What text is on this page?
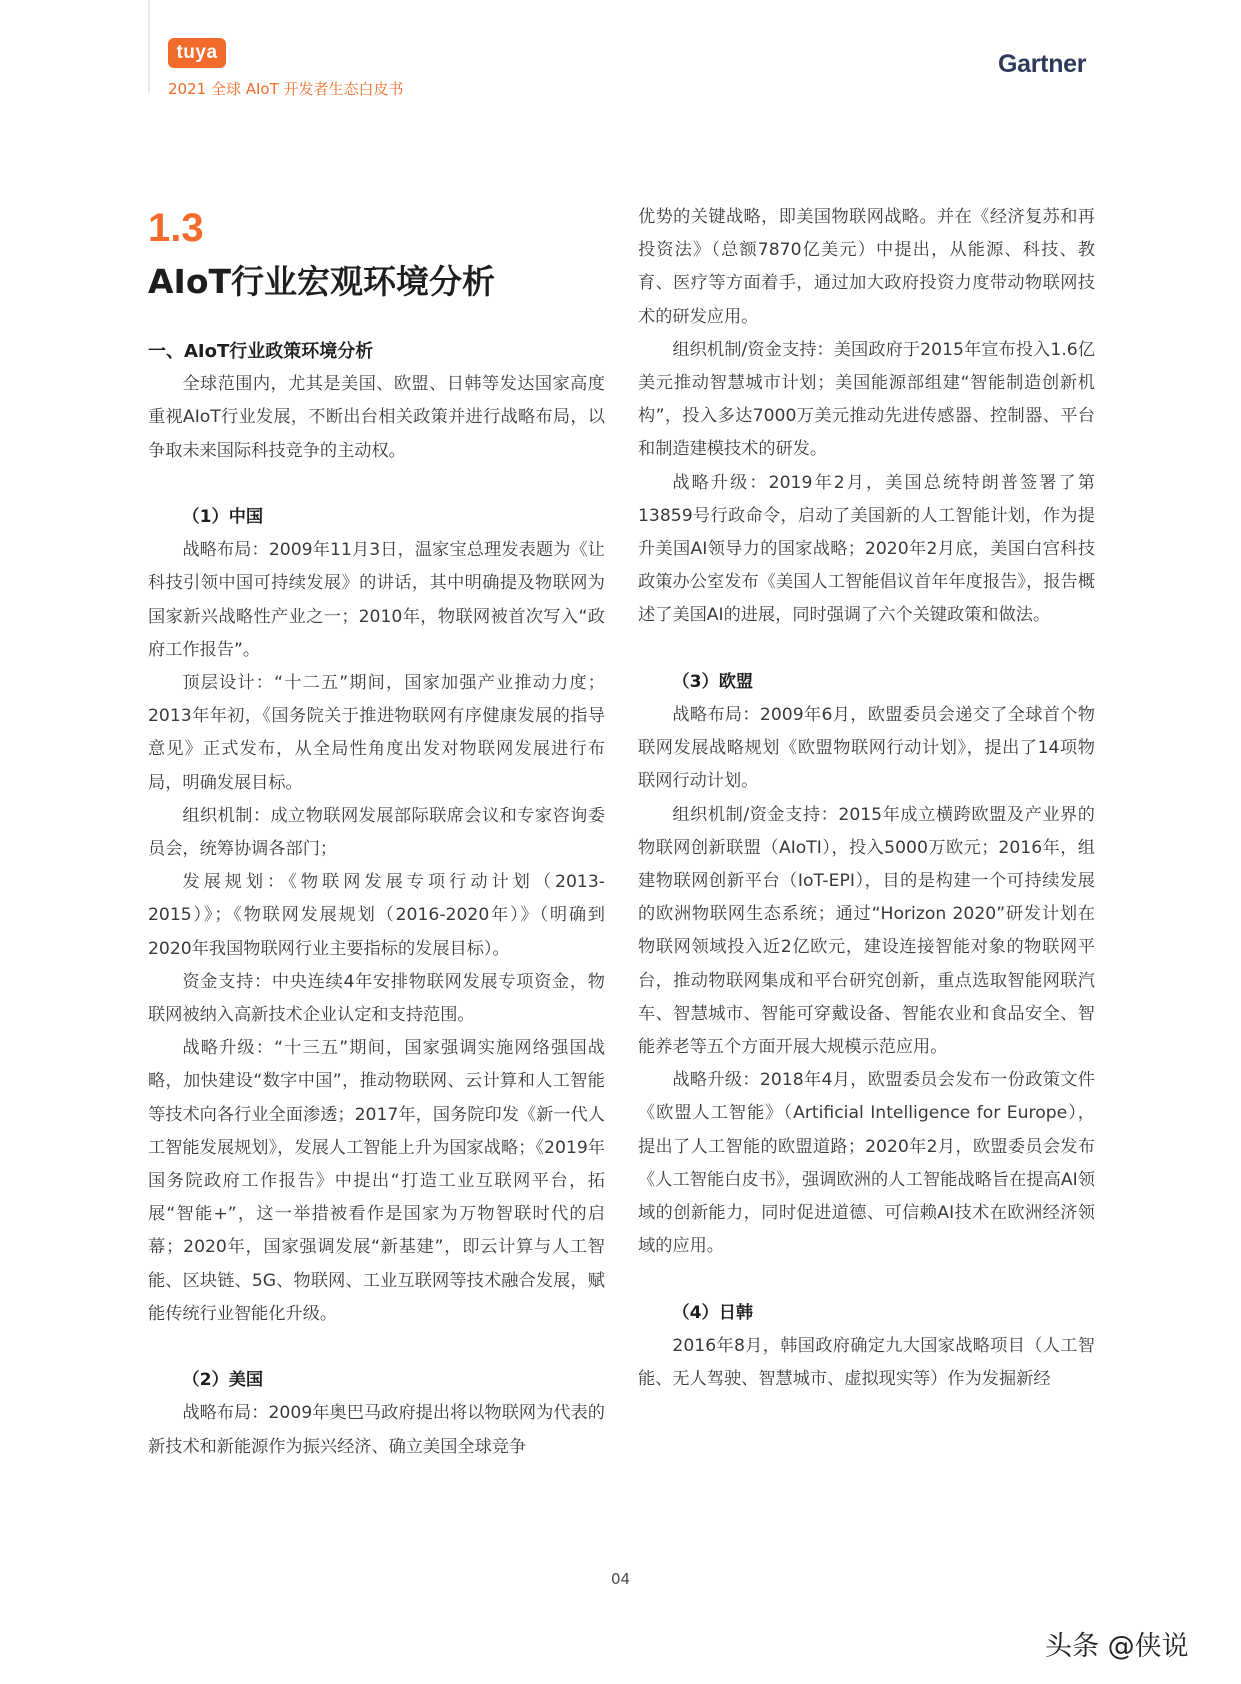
tuya
2021 全球 AIoT 开发者生态白皮书
Gartner
1.3
AIoT行业宏观环境分析
一、AIoT行业政策环境分析

全球范围内，尤其是美国、欧盟、日韩等发达国家高度重视AIoT行业发展，不断出台相关政策并进行战略布局，以争取未来国际科技竞争的主动权。

（1）中国

战略布局：2009年11月3日，温家宝总理发表题为《让科技引领中国可持续发展》的讲话，其中明确提及物联网为国家新兴战略性产业之一；2010年，物联网被首次写入“政府工作报告”。

顶层设计：“十二五”期间，国家加强产业推动力度；2013年年初，《国务院关于推进物联网有序健康发展的指导意见》正式发布，从全局性角度出发对物联网发展进行布局，明确发展目标。

组织机制：成立物联网发展部际联席会议和专家咨询委员会，统筹协调各部门；

发展规划：《物联网发展专项行动计划（2013-2015）》；《物联网发展规划（2016-2020年）》（明确到2020年我国物联网行业主要指标的发展目标）。

资金支持：中央连续4年安排物联网发展专项资金，物联网被纳入高新技术企业认定和支持范围。

战略升级：“十三五”期间，国家强调实施网络强国战略，加快建设“数字中国”，推动物联网、云计算和人工智能等技术向各行业全面渗透；2017年，国务院印发《新一代人工智能发展规划》，发展人工智能上升为国家战略；《2019年国务院政府工作报告》中提出“打造工业互联网平台，拓展“智能+”，这一举措被看作是国家为万物智联时代的启幕；2020年，国家强调发展“新基建”，即云计算与人工智能、区块链、5G、物联网、工业互联网等技术融合发展，赋能传统行业智能化升级。

（2）美国

战略布局：2009年奥巴马政府提出将以物联网为代表的新技术和新能源作为振兴经济、确立美国全球竞争

优势的关键战略，即美国物联网战略。并在《经济复苏和再投资法》（总额7870亿美元）中提出，从能源、科技、教育、医疗等方面着手，通过加大政府投资力度带动物联网技术的研发应用。

组织机制/资金支持：美国政府于2015年宣布投入1.6亿美元推动智慧城市计划；美国能源部组建“智能制造创新机构”，投入多达7000万美元推动先进传感器、控制器、平台和制造建模技术的研发。

战略升级：2019年2月，美国总统特朗普签署了第13859号行政命令，启动了美国新的人工智能计划，作为提升美国AI领导力的国家战略；2020年2月底，美国白宫科技政策办公室发布《美国人工智能倡议首年年度报告》，报告概述了美国AI的进展，同时强调了六个关键政策和做法。

（3）欧盟

战略布局：2009年6月，欧盟委员会递交了全球首个物联网发展战略规划《欧盟物联网行动计划》，提出了14项物联网行动计划。

组织机制/资金支持：2015年成立横跨欧盟及产业界的物联网创新联盟（AIoTI），投入5000万欧元；2016年，组建物联网创新平台（IoT-EPI），目的是构建一个可持续发展的欧洲物联网生态系统；通过“Horizon 2020”研发计划在物联网领域投入近2亿欧元，建设连接智能对象的物联网平台，推动物联网集成和平台研究创新，重点选取智能网联汽车、智慧城市、智能可穿戴设备、智能农业和食品安全、智能养老等五个方面开展大规模示范应用。

战略升级：2018年4月，欧盟委员会发布一份政策文件《欧盟人工智能》（Artificial Intelligence for Europe），提出了人工智能的欧盟道路；2020年2月，欧盟委员会发布《人工智能白皮书》，强调欧洲的人工智能战略旨在提高AI领域的创新能力，同时促进道德、可信赖AI技术在欧洲经济领域的应用。

（4）日韩

2016年8月，韩国政府确定九大国家战略项目（人工智能、无人驾驶、智慧城市、虚拟现实等）作为发掘新经

04
头条 @侠说
